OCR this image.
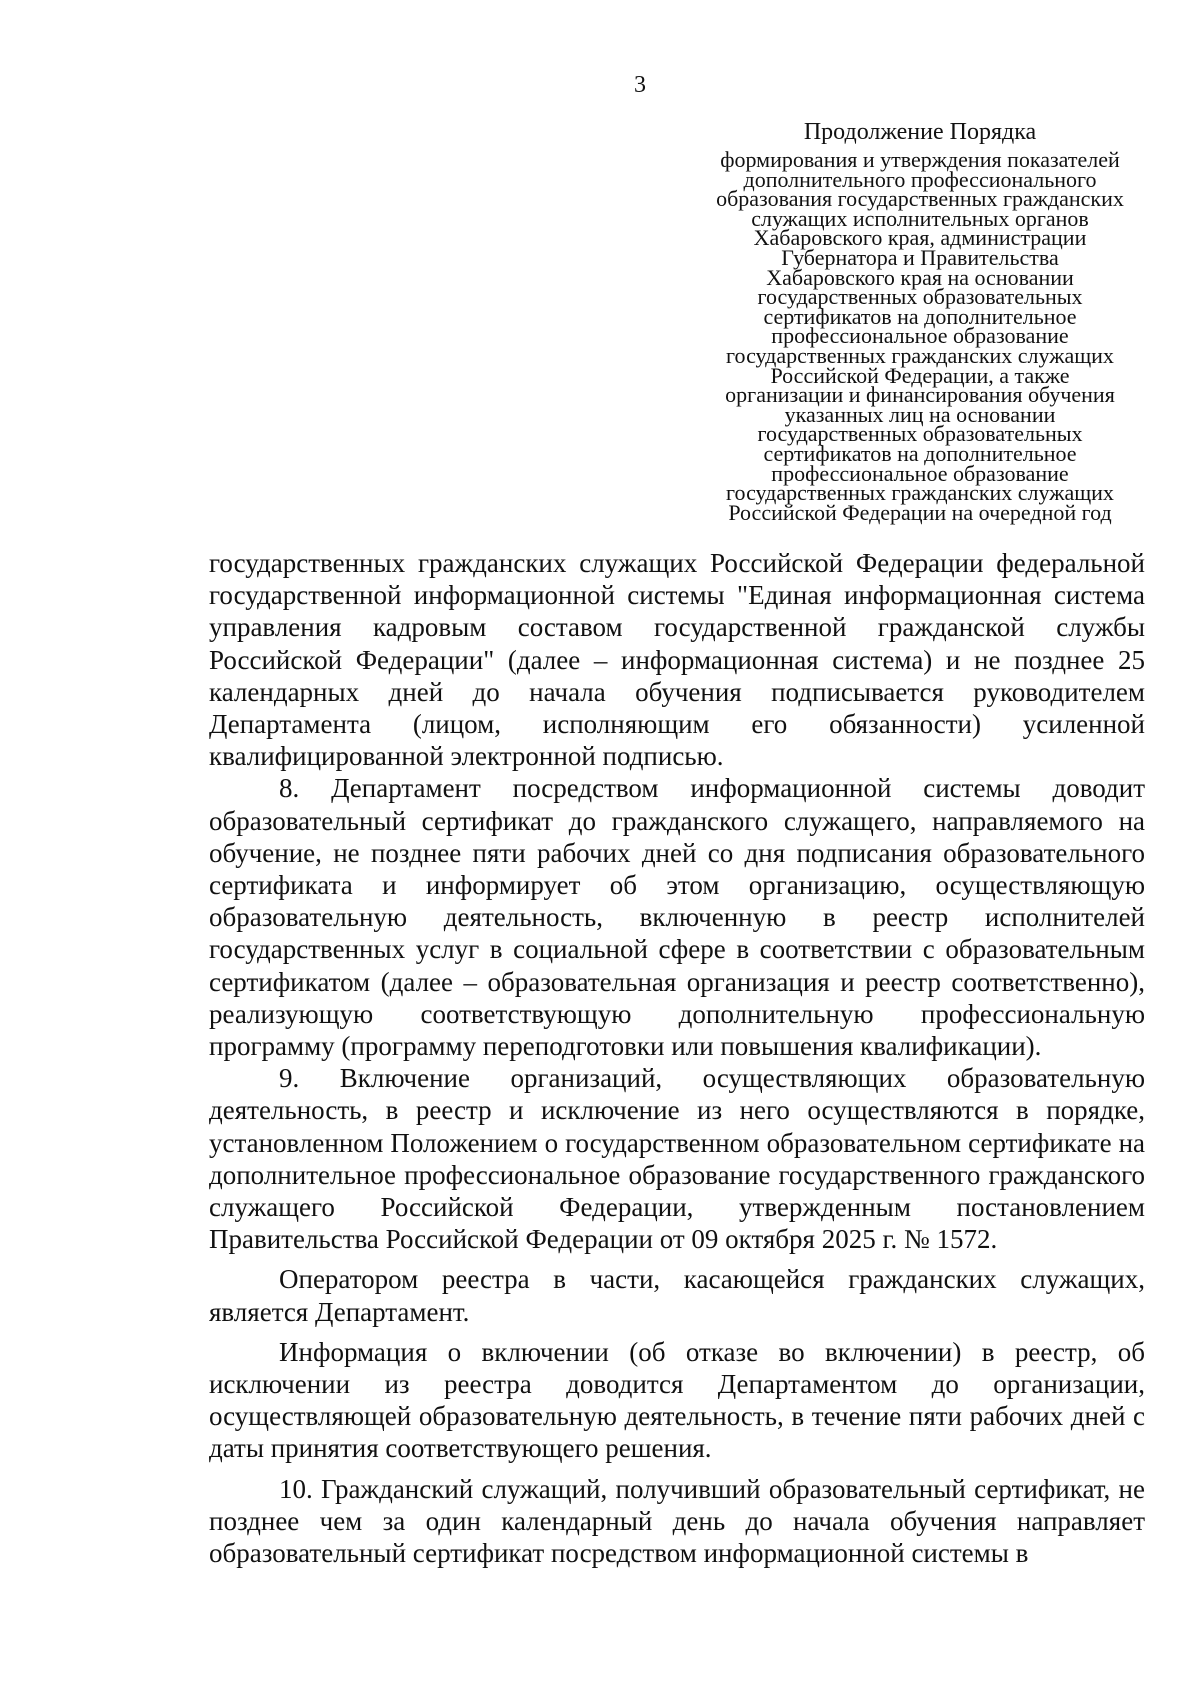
3
Продолжение Порядка
формирования и утверждения показателей
дополнительного профессионального
образования государственных гражданских
служащих исполнительных органов
Хабаровского края, администрации
Губернатора и Правительства
Хабаровского края на основании
государственных образовательных
сертификатов на дополнительное
профессиональное образование
государственных гражданских служащих
Российской Федерации, а также
организации и финансирования обучения
указанных лиц на основании
государственных образовательных
сертификатов на дополнительное
профессиональное образование
государственных гражданских служащих
Российской Федерации на очередной год

государственных гражданских служащих Российской Федерации федеральной государственной информационной системы "Единая информационная система управления кадровым составом государственной гражданской службы Российской Федерации" (далее – информационная система) и не позднее 25 календарных дней до начала обучения подписывается руководителем Департамента (лицом, исполняющим его обязанности) усиленной квалифицированной электронной подписью.

8. Департамент посредством информационной системы доводит образовательный сертификат до гражданского служащего, направляемого на обучение, не позднее пяти рабочих дней со дня подписания образовательного сертификата и информирует об этом организацию, осуществляющую образовательную деятельность, включенную в реестр исполнителей государственных услуг в социальной сфере в соответствии с образовательным сертификатом (далее – образовательная организация и реестр соответственно), реализующую соответствующую дополнительную профессиональную программу (программу переподготовки или повышения квалификации).

9. Включение организаций, осуществляющих образовательную деятельность, в реестр и исключение из него осуществляются в порядке, установленном Положением о государственном образовательном сертификате на дополнительное профессиональное образование государственного гражданского служащего Российской Федерации, утвержденным постановлением Правительства Российской Федерации от 09 октября 2025 г. № 1572.

Оператором реестра в части, касающейся гражданских служащих, является Департамент.

Информация о включении (об отказе во включении) в реестр, об исключении из реестра доводится Департаментом до организации, осуществляющей образовательную деятельность, в течение пяти рабочих дней с даты принятия соответствующего решения.

10. Гражданский служащий, получивший образовательный сертификат, не позднее чем за один календарный день до начала обучения направляет образовательный сертификат посредством информационной системы в
